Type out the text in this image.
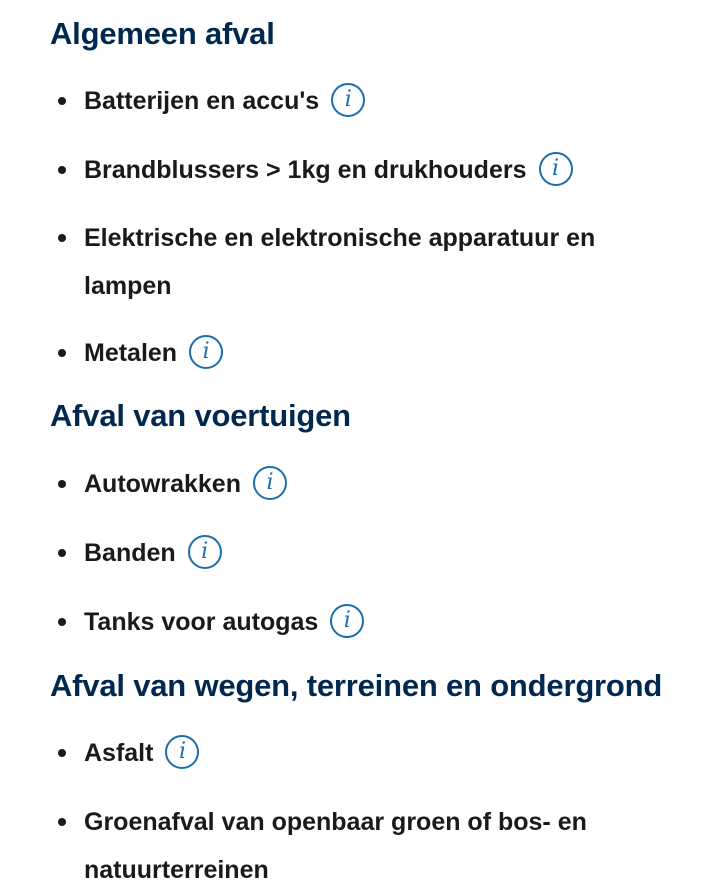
Algemeen afval
Batterijen en accu's i
Brandblussers > 1kg en drukhouders i
Elektrische en elektronische apparatuur en lampen
Metalen i
Afval van voertuigen
Autowrakken i
Banden i
Tanks voor autogas i
Afval van wegen, terreinen en ondergrond
Asfalt i
Groenafval van openbaar groen of bos- en natuurterreinen
